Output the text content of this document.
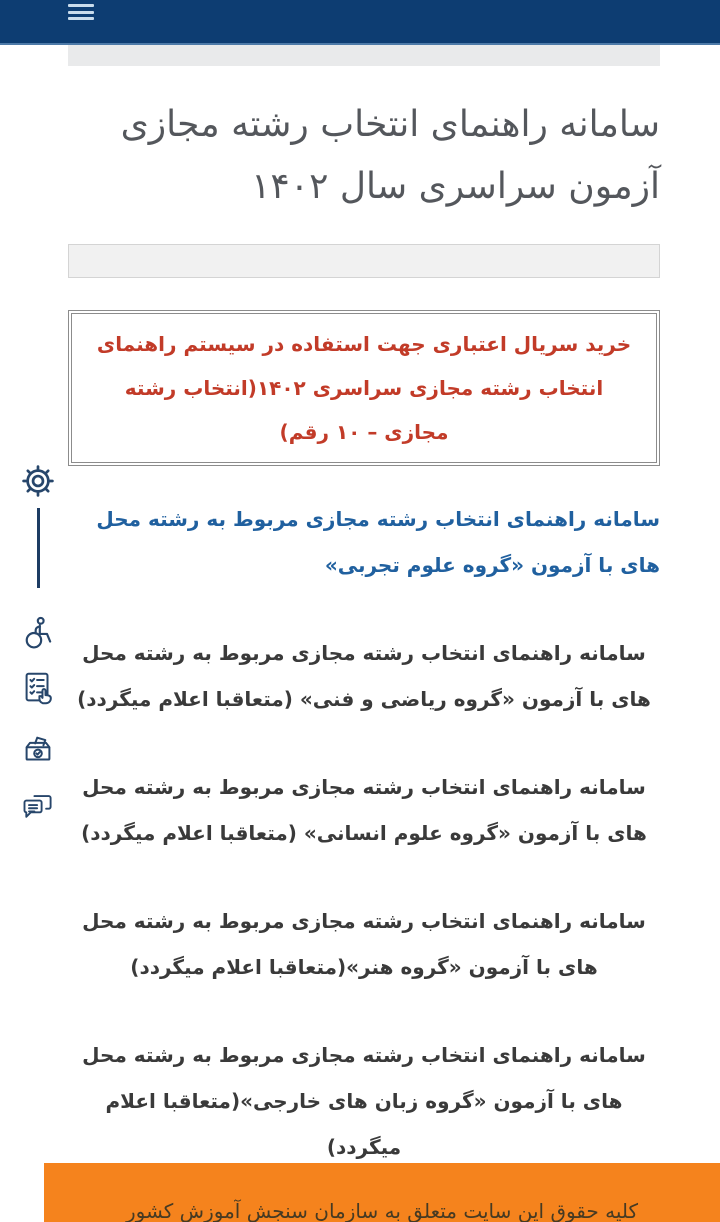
سامانه راهنمای انتخاب رشته مجازی آزمون سراسری سال ۱۴۰۲

خرید سریال اعتباری جهت استفاده در سیستم راهنمای انتخاب رشته مجازی سراسری ۱۴۰۲(انتخاب رشته مجازی – ۱۰ رقم)

سامانه راهنمای انتخاب رشته مجازی مربوط به رشته محل های با آزمون «گروه علوم تجربی»

سامانه راهنمای انتخاب رشته مجازی مربوط به رشته محل های با آزمون «گروه ریاضی و فنی» (متعاقبا اعلام میگردد)

سامانه راهنمای انتخاب رشته مجازی مربوط به رشته محل های با آزمون «گروه علوم انسانی» (متعاقبا اعلام میگردد)

سامانه راهنمای انتخاب رشته مجازی مربوط به رشته محل های با آزمون «گروه هنر»(متعاقبا اعلام میگردد)

سامانه راهنمای انتخاب رشته مجازی مربوط به رشته محل های با آزمون «گروه زبان های خارجی»(متعاقبا اعلام میگردد)

کلیه حقوق این سایت متعلق به سازمان سنجش آموزش کشور
